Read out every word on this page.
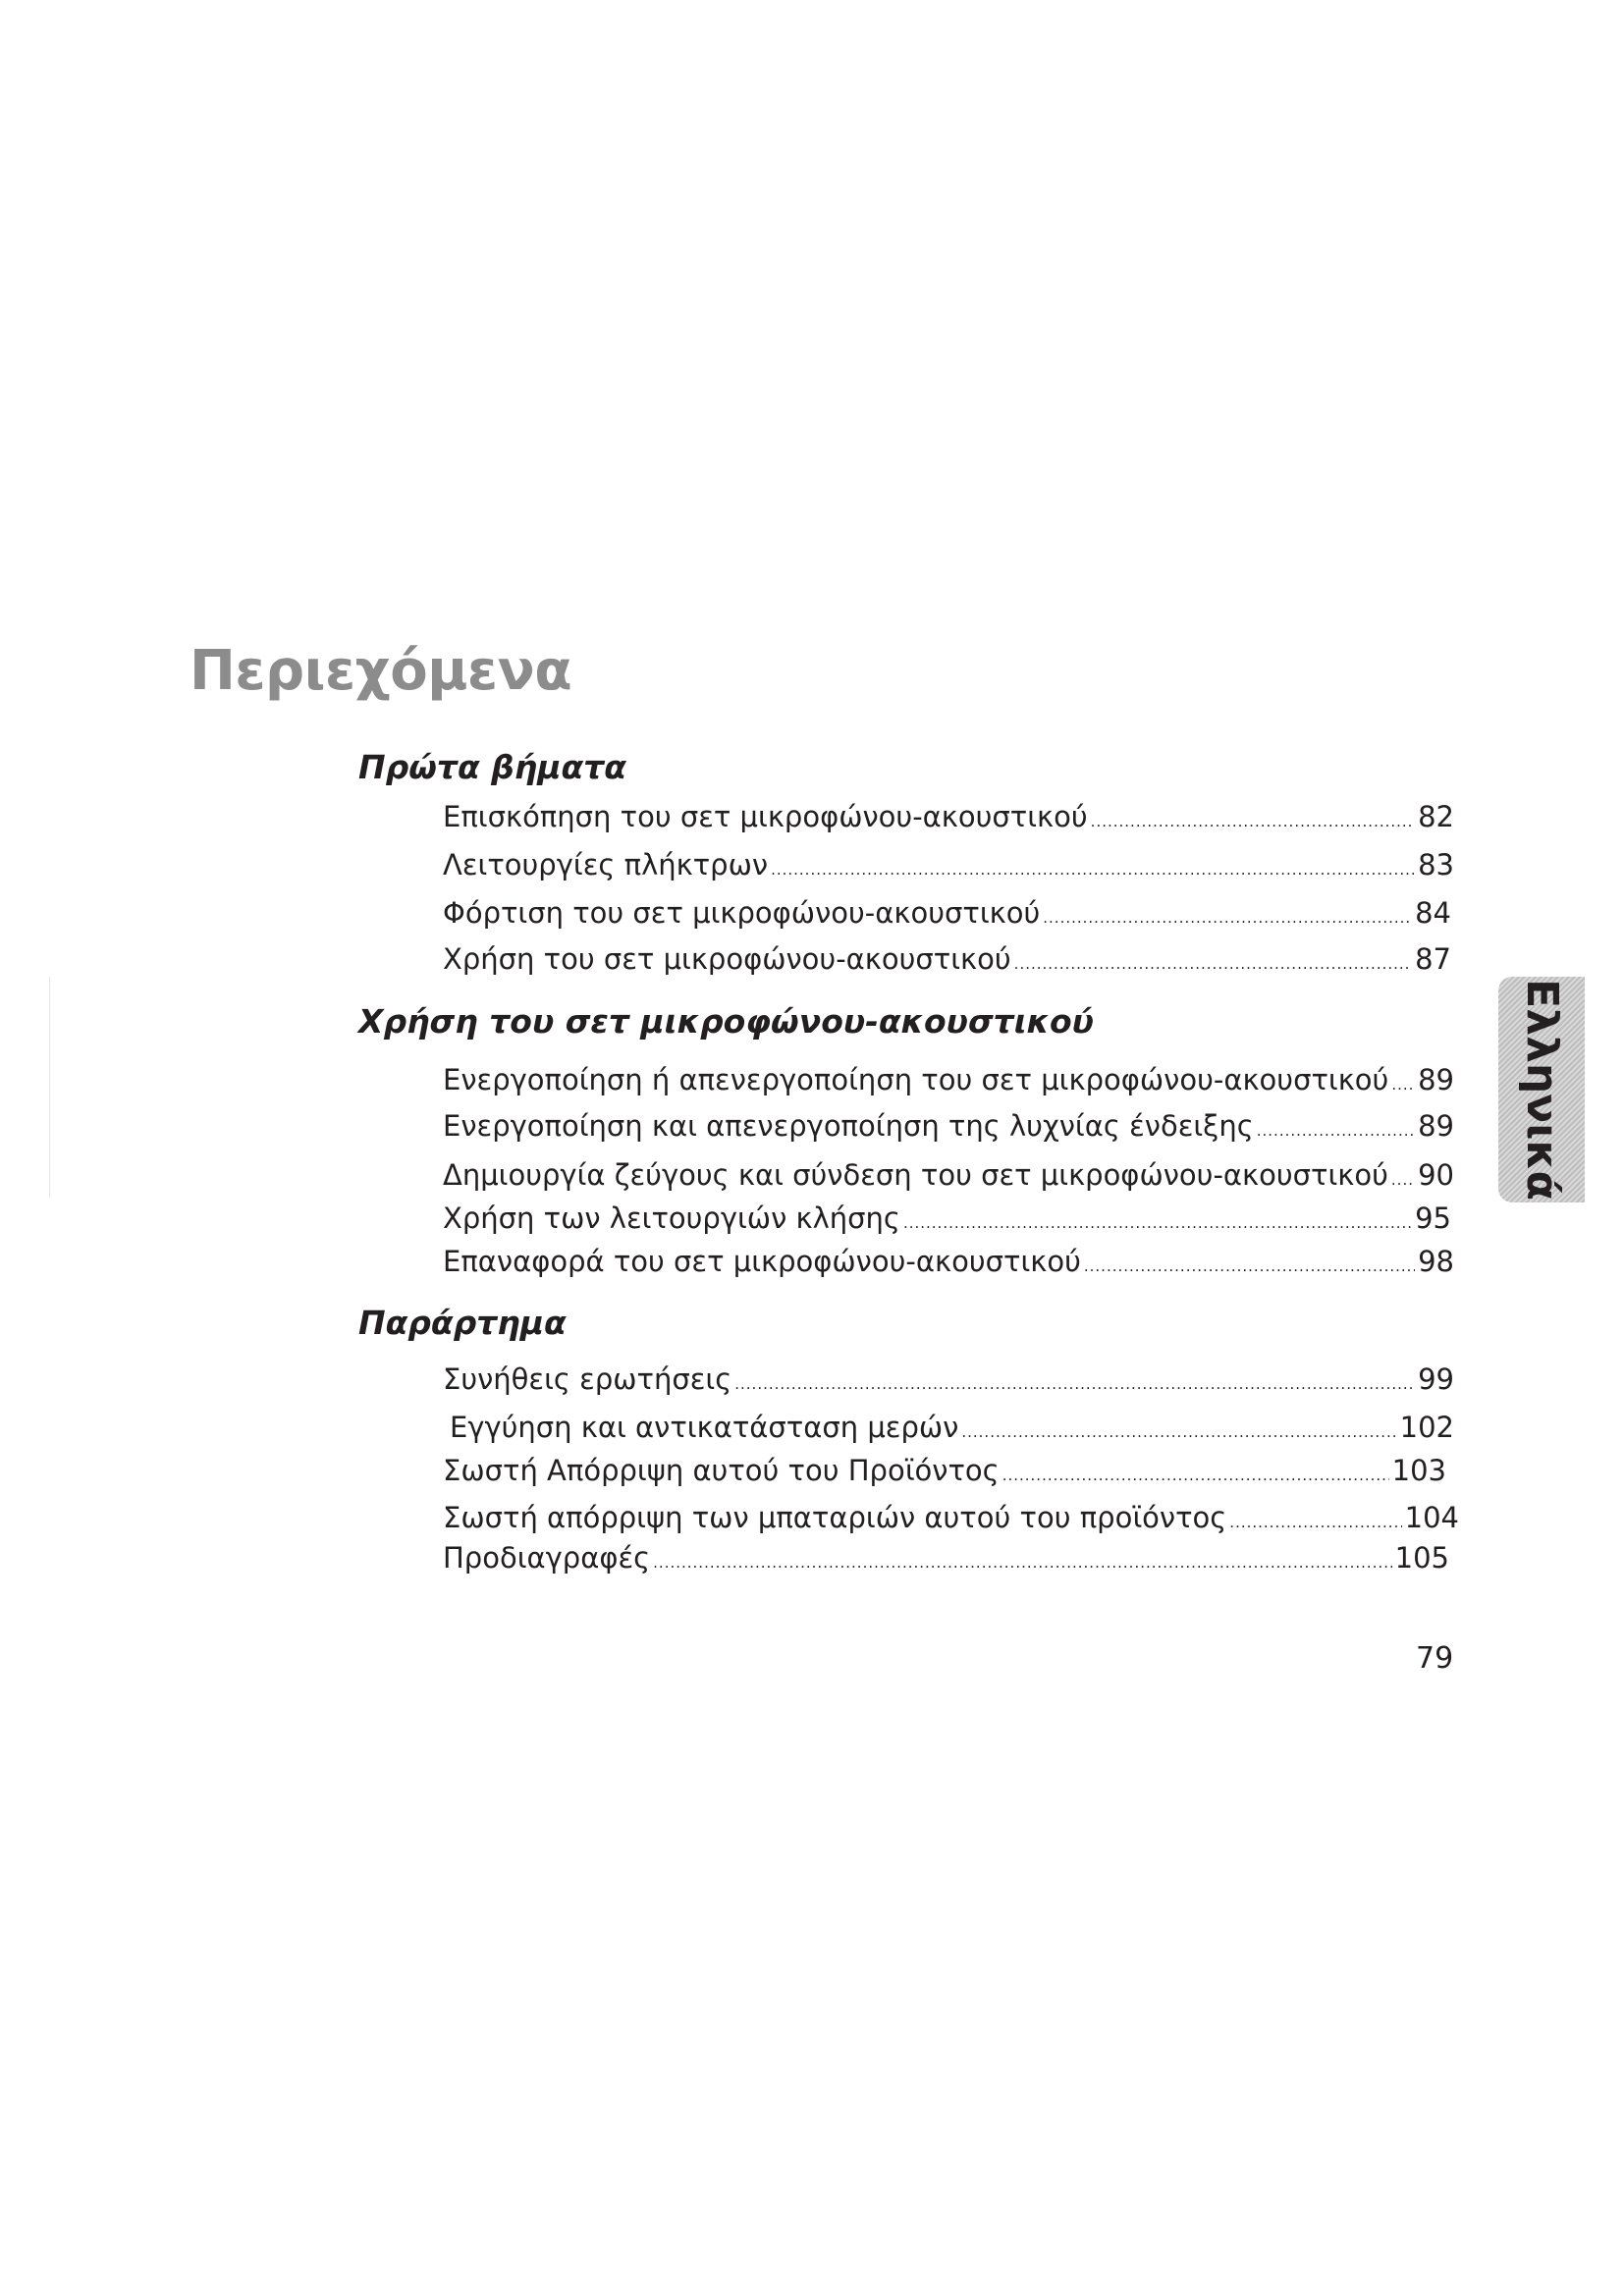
Περιεχόμενα
Πρώτα βήματα
Επισκόπηση του σετ μικροφώνου-ακουστικού .....	82
Λειτουργίες πλήκτρων .....	83
Φόρτιση του σετ μικροφώνου-ακουστικού .....	84
Χρήση του σετ μικροφώνου-ακουστικού .....	87
Χρήση του σετ μικροφώνου-ακουστικού
Ενεργοποίηση ή απενεργοποίηση του σετ μικροφώνου-ακουστικού ..... 89
Ενεργοποίηση και απενεργοποίηση της λυχνίας ένδειξης .....	89
Δημιουργία ζεύγους και σύνδεση του σετ μικροφώνου-ακουστικού ..... 90
Χρήση των λειτουργιών κλήσης .....	95
Επαναφορά του σετ μικροφώνου-ακουστικού .....	98
Παράρτημα
Συνήθεις ερωτήσεις .....	99
Εγγύηση και αντικατάσταση μερών .....	102
Σωστή Απόρριψη αυτού του Προϊόντος .....	103
Σωστή απόρριψη των μπαταριών αυτού του προϊόντος .....	104
Προδιαγραφές .....	105
Ελληνικά
79
